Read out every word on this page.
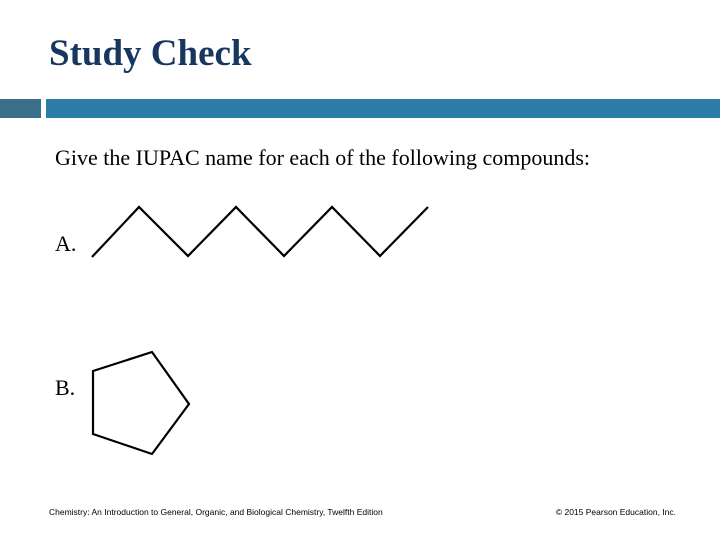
Study Check
Give the IUPAC name for each of the following compounds:
A.
B.
Chemistry: An Introduction to General, Organic, and Biological Chemistry, Twelfth Edition	© 2015 Pearson Education, Inc.
